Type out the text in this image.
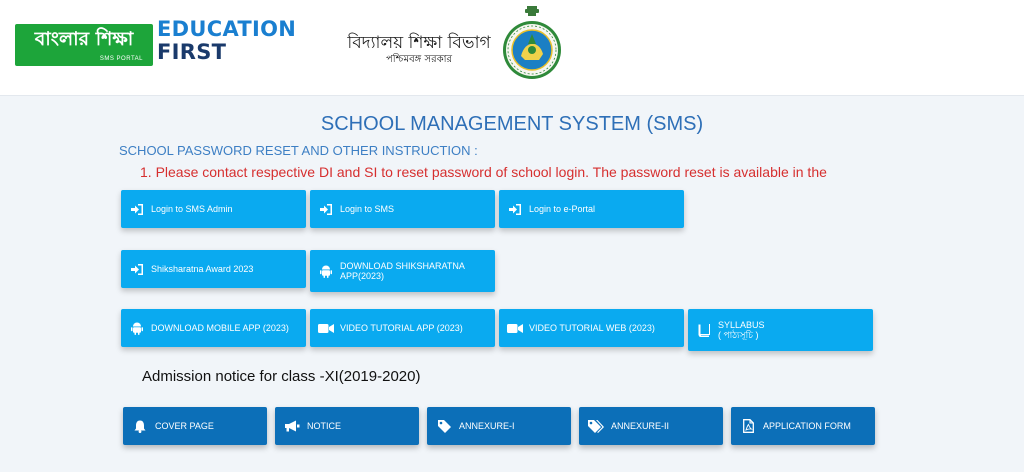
বাংলার শিক্ষা
SMS PORTAL
EDUCATION
FIRST	বিদ্যালয় শিক্ষা বিভাগ
পশ্চিমবঙ্গ সরকার
SCHOOL MANAGEMENT SYSTEM (SMS)
SCHOOL PASSWORD RESET AND OTHER INSTRUCTION :
1. Please contact respective DI and SI to reset password of school login. The password reset is available in the
Login to SMS Admin	Login to SMS	Login to e-Portal
Shiksharatna Award 2023	DOWNLOAD SHIKSHARATNA
APP(2023)
DOWNLOAD MOBILE APP (2023)	VIDEO TUTORIAL APP (2023)	VIDEO TUTORIAL WEB (2023)	SYLLABUS
( পাঠ্যসূচি )
Admission notice for class -XI(2019-2020)
COVER PAGE	NOTICE	ANNEXURE-I	ANNEXURE-II	APPLICATION FORM
